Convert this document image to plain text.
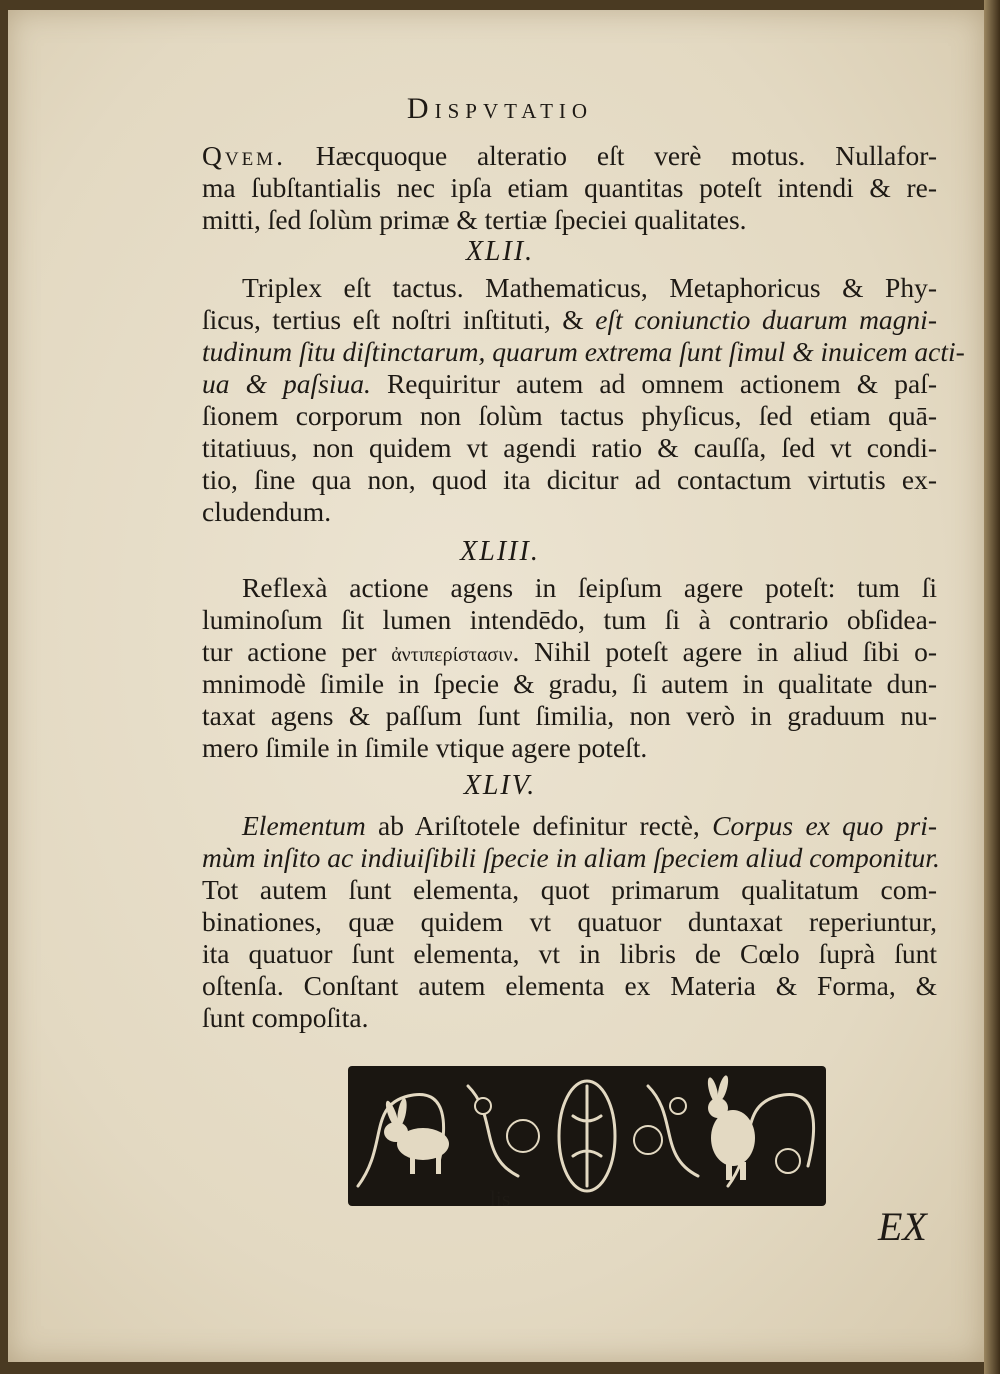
Dispvtatio
Qvem. Hæcquoque alteratio eſt verè motus. Nullafor-
ma ſubſtantialis nec ipſa etiam quantitas poteſt intendi & re-
mitti, ſed ſolùm primæ & tertiæ ſpeciei qualitates.
XLII.
Triplex eſt tactus. Mathematicus, Metaphoricus & Phy-
ſicus, tertius eſt noſtri inſtituti, & eſt coniunctio duarum magni-
tudinum ſitu diſtinctarum, quarum extrema ſunt ſimul & inuicem acti-
ua & paſsiua. Requiritur autem ad omnem actionem & paſ-
ſionem corporum non ſolùm tactus phyſicus, ſed etiam quā-
titatiuus, non quidem vt agendi ratio & cauſſa, ſed vt condi-
tio, ſine qua non, quod ita dicitur ad contactum virtutis ex-
cludendum.
XLIII.
Reflexà actione agens in ſeipſum agere poteſt: tum ſi
luminoſum ſit lumen intendēdo, tum ſi à contrario obſidea-
tur actione per ἀντιπερίστασιν. Nihil poteſt agere in aliud ſibi o-
mnimodè ſimile in ſpecie & gradu, ſi autem in qualitate dun-
taxat agens & paſſum ſunt ſimilia, non verò in graduum nu-
mero ſimile in ſimile vtique agere poteſt.
XLIV.
Elementum ab Ariſtotele definitur rectè, Corpus ex quo pri-
mùm inſito ac indiuiſibili ſpecie in aliam ſpeciem aliud componitur.
Tot autem ſunt elementa, quot primarum qualitatum com-
binationes, quæ quidem vt quatuor duntaxat reperiuntur,
ita quatuor ſunt elementa, vt in libris de Cœlo ſuprà ſunt
oſtenſa. Conſtant autem elementa ex Materia & Forma, &
ſunt compoſita.
lis
EX
